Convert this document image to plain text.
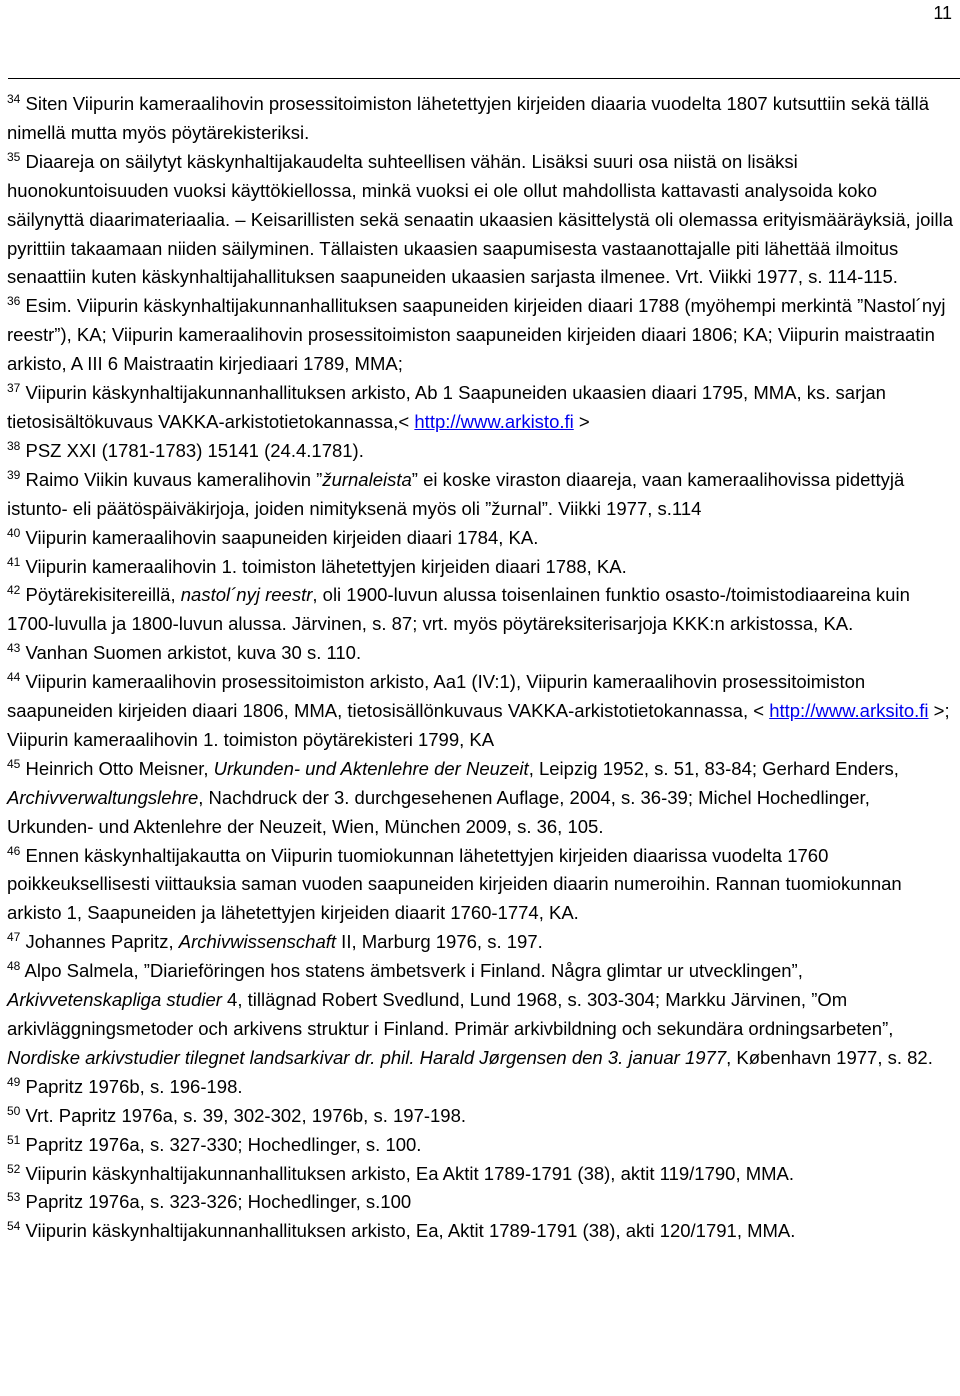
11

$^{34}$ Siten Viipurin kameraalihovin prosessitoimiston lähetettyjen kirjeiden diaaria vuodelta 1807 kutsuttiin sekä tällä nimellä mutta myös pöytärekisteriksi.

$^{35}$ Diaareja on säilytyt käskynhaltijakaudelta suhteellisen vähän. Lisäksi suuri osa niistä on lisäksi huonokuntoisuuden vuoksi käyttökiellossa, minkä vuoksi ei ole ollut mahdollista kattavasti analysoida koko säilynyttä diaarimateriaalia. – Keisarillisten sekä senaatin ukaasien käsittelystä oli olemassa erityismääräyksiä, joilla pyrittiin takaamaan niiden säilyminen. Tällaisten ukaasien saapumisesta vastaanottajalle piti lähettää ilmoitus senaattiin kuten käskynhaltijahallituksen saapuneiden ukaasien sarjasta ilmenee. Vrt. Viikki 1977, s. 114-115.

$^{36}$ Esim. Viipurin käskynhaltijakunnanhallituksen saapuneiden kirjeiden diaari 1788 (myöhempi merkintä ”Nastol´nyj reestr”), KA; Viipurin kameraalihovin prosessitoimiston saapuneiden kirjeiden diaari 1806; KA; Viipurin maistraatin arkisto, A III 6 Maistraatin kirjediaari 1789, MMA;

$^{37}$ Viipurin käskynhaltijakunnanhallituksen arkisto, Ab 1 Saapuneiden ukaasien diaari 1795, MMA, ks. sarjan tietosisältökuvaus VAKKA-arkistotietokannassa,< http://www.arkisto.fi >

$^{38}$ PSZ XXI (1781-1783) 15141 (24.4.1781).

$^{39}$ Raimo Viikin kuvaus kameralihovin ”žurnaleista” ei koske viraston diaareja, vaan kameraalihovissa pidettyjä istunto- eli päätöspäiväkirjoja, joiden nimityksenä myös oli ”žurnal”. Viikki 1977, s.114

$^{40}$ Viipurin kameraalihovin saapuneiden kirjeiden diaari 1784, KA.

$^{41}$ Viipurin kameraalihovin 1. toimiston lähetettyjen kirjeiden diaari 1788, KA.

$^{42}$ Pöytärekisitereillä, nastol´nyj reestr, oli 1900-luvun alussa toisenlainen funktio osasto-/toimistodiaareina kuin 1700-luvulla ja 1800-luvun alussa. Järvinen, s. 87; vrt. myös pöytäreksiterisarjoja KKK:n arkistossa, KA.

$^{43}$ Vanhan Suomen arkistot, kuva 30 s. 110.

$^{44}$ Viipurin kameraalihovin prosessitoimiston arkisto, Aa1 (IV:1), Viipurin kameraalihovin prosessitoimiston saapuneiden kirjeiden diaari 1806, MMA, tietosisällönkuvaus VAKKA-arkistotietokannassa, < http://www.arksito.fi >; Viipurin kameraalihovin 1. toimiston pöytärekisteri 1799, KA

$^{45}$ Heinrich Otto Meisner, Urkunden- und Aktenlehre der Neuzeit, Leipzig 1952, s. 51, 83-84; Gerhard Enders, Archivverwaltungslehre, Nachdruck der 3. durchgesehenen Auflage, 2004, s. 36-39; Michel Hochedlinger, Urkunden- und Aktenlehre der Neuzeit, Wien, München 2009, s. 36, 105.

$^{46}$ Ennen käskynhaltijakautta on Viipurin tuomiokunnan lähetettyjen kirjeiden diaarissa vuodelta 1760 poikkeuksellisesti viittauksia saman vuoden saapuneiden kirjeiden diaarin numeroihin. Rannan tuomiokunnan arkisto 1, Saapuneiden ja lähetettyjen kirjeiden diaarit 1760-1774, KA.

$^{47}$ Johannes Papritz, Archivwissenschaft II, Marburg 1976, s. 197.

$^{48}$ Alpo Salmela, ”Diarieföringen hos statens ämbetsverk i Finland. Några glimtar ur utvecklingen”, Arkivvetenskapliga studier 4, tillägnad Robert Svedlund, Lund 1968, s. 303-304; Markku Järvinen, ”Om arkivläggningsmetoder och arkivens struktur i Finland. Primär arkivbildning och sekundära ordningsarbeten”, Nordiske arkivstudier tilegnet landsarkivar dr. phil. Harald Jørgensen den 3. januar 1977, København 1977, s. 82.

$^{49}$ Papritz 1976b, s. 196-198.

$^{50}$ Vrt. Papritz 1976a, s. 39, 302-302, 1976b, s. 197-198.

$^{51}$ Papritz 1976a, s. 327-330; Hochedlinger, s. 100.

$^{52}$ Viipurin käskynhaltijakunnanhallituksen arkisto, Ea Aktit 1789-1791 (38), aktit 119/1790, MMA.

$^{53}$ Papritz 1976a, s. 323-326; Hochedlinger, s.100

$^{54}$ Viipurin käskynhaltijakunnanhallituksen arkisto, Ea, Aktit 1789-1791 (38), akti 120/1791, MMA.
